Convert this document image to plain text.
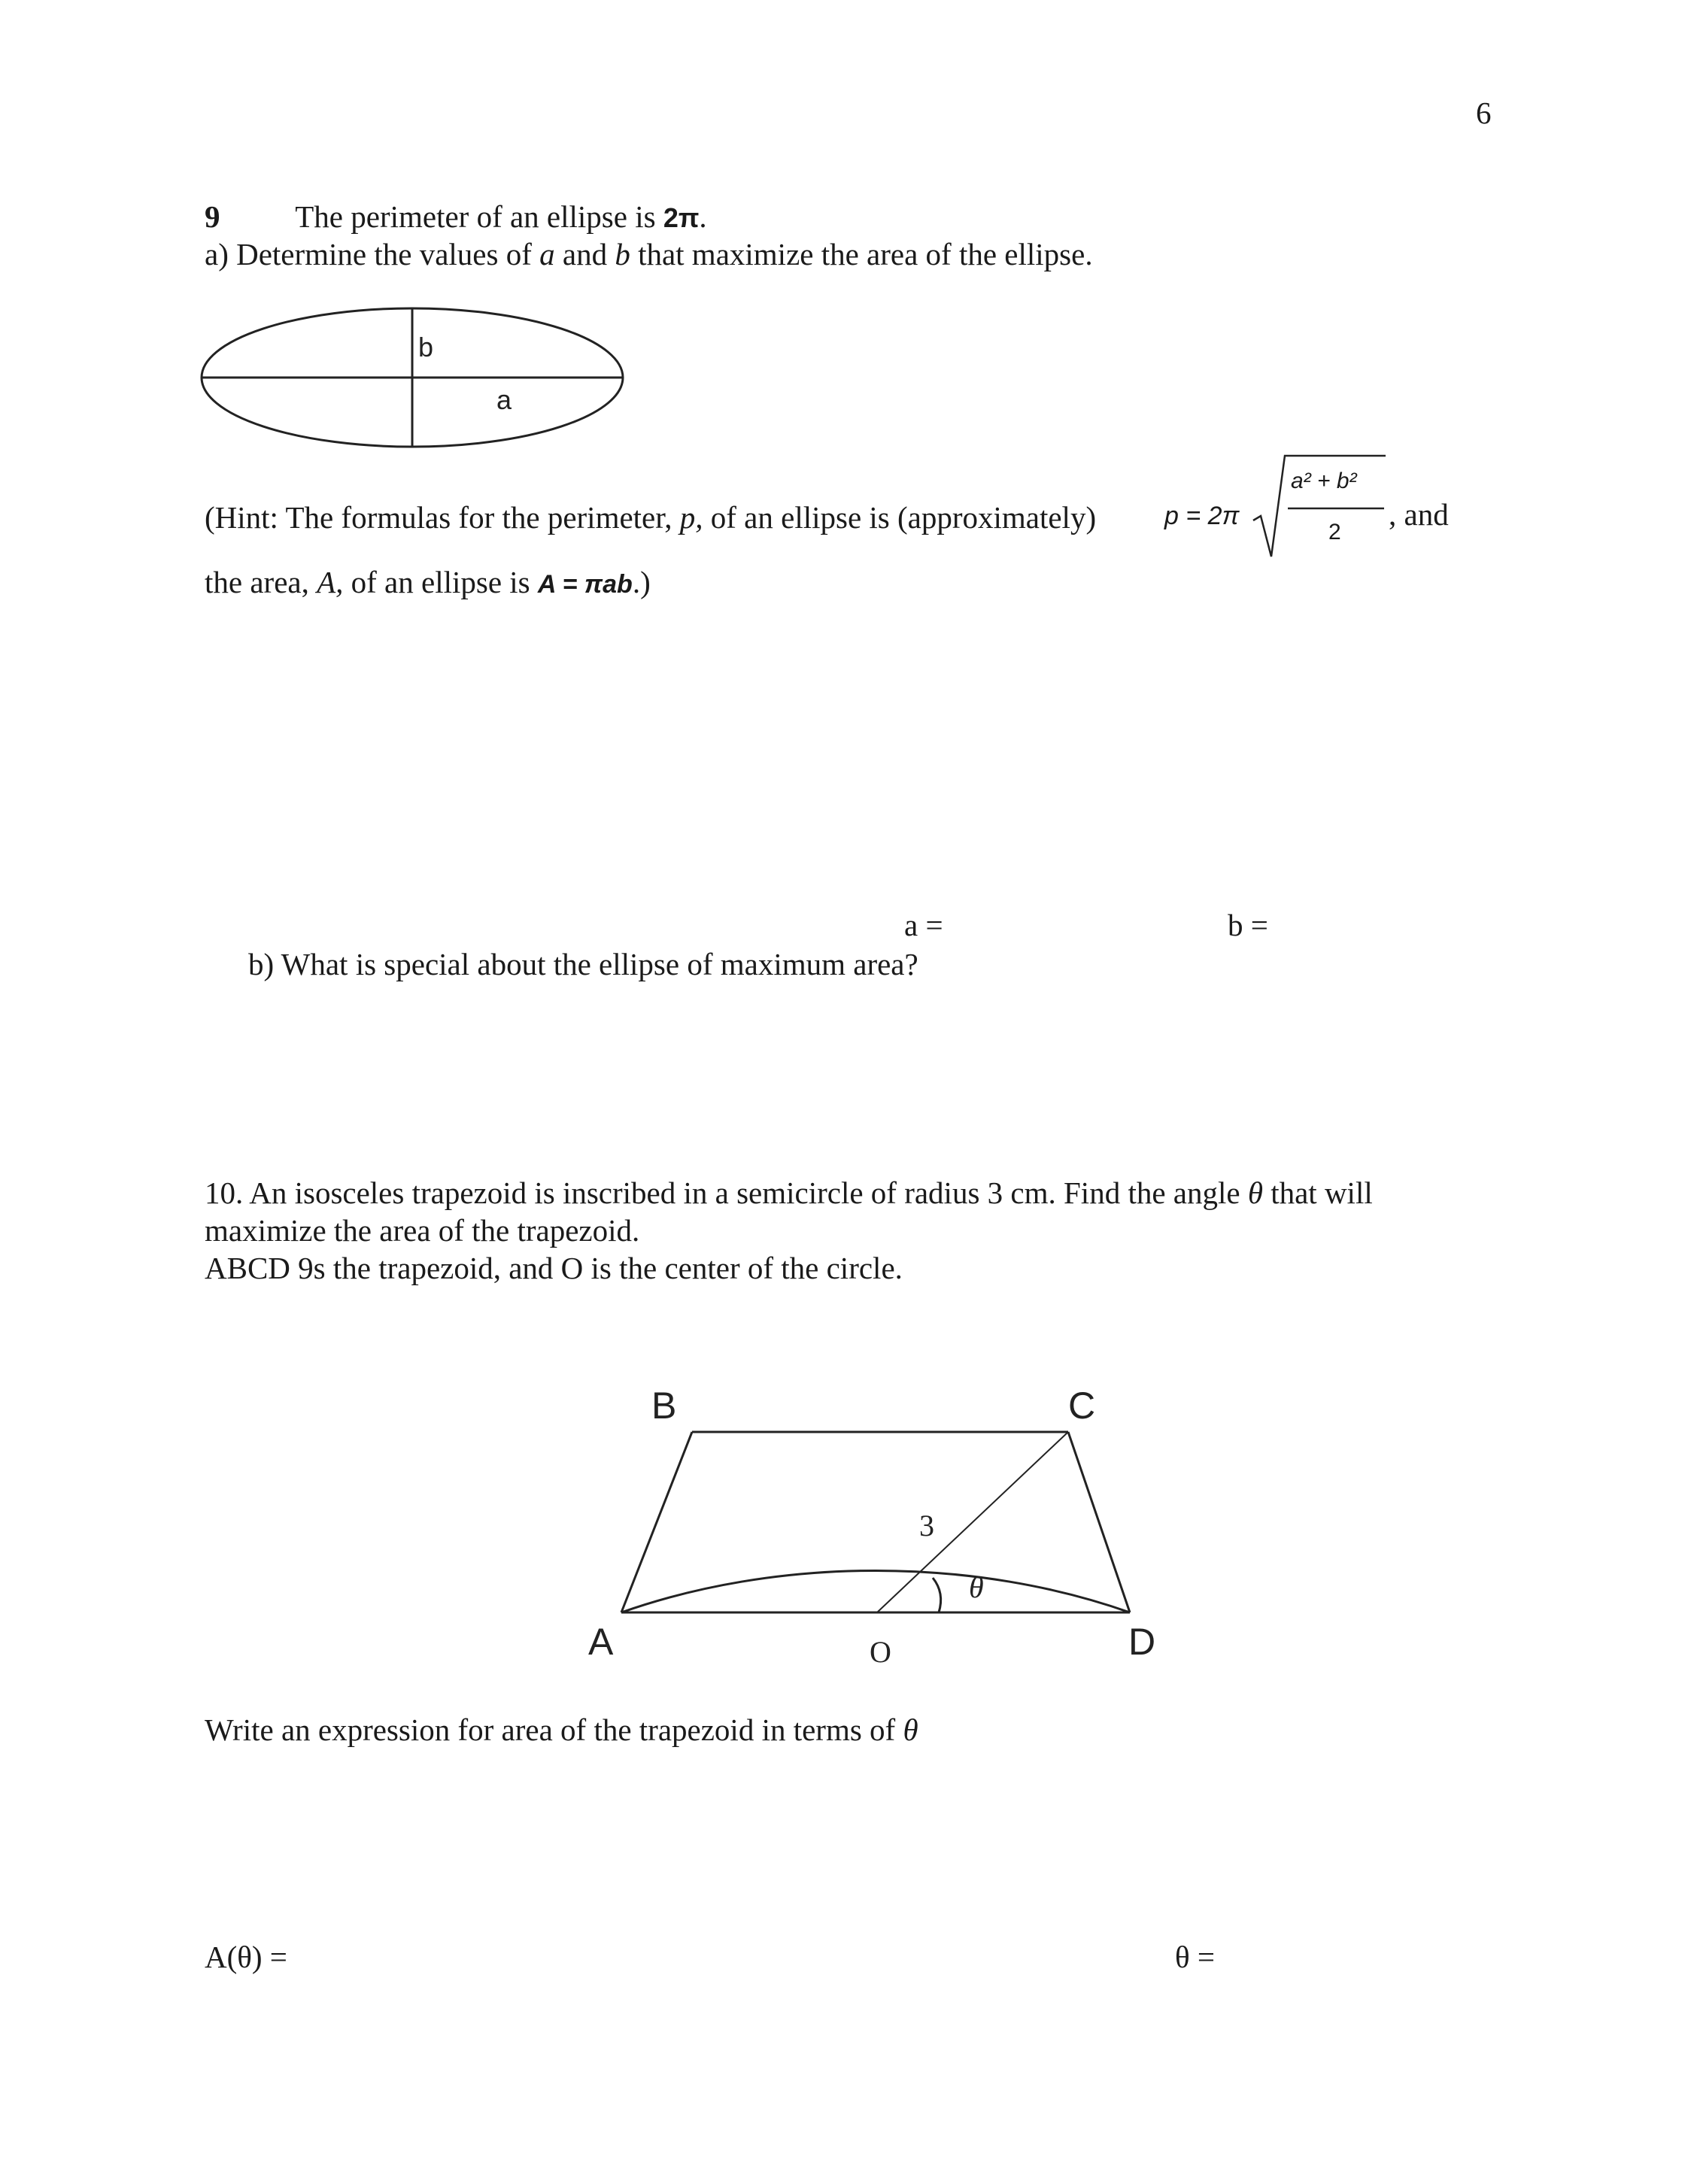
6
9 The perimeter of an ellipse is 2π.
a) Determine the values of a and b that maximize the area of the ellipse.
b
a
(Hint: The formulas for the perimeter, p, of an ellipse is (approximately)	p = 2π
a² + b²
2
, and
the area, A, of an ellipse is A = πab.)
a =	b =
b) What is special about the ellipse of maximum area?
10. An isosceles trapezoid is inscribed in a semicircle of radius 3 cm. Find the angle θ that will
maximize the area of the trapezoid.
ABCD 9s the trapezoid, and O is the center of the circle.
B	C
A	D
O
3
θ
Write an expression for area of the trapezoid in terms of θ
A(θ) =	θ =
